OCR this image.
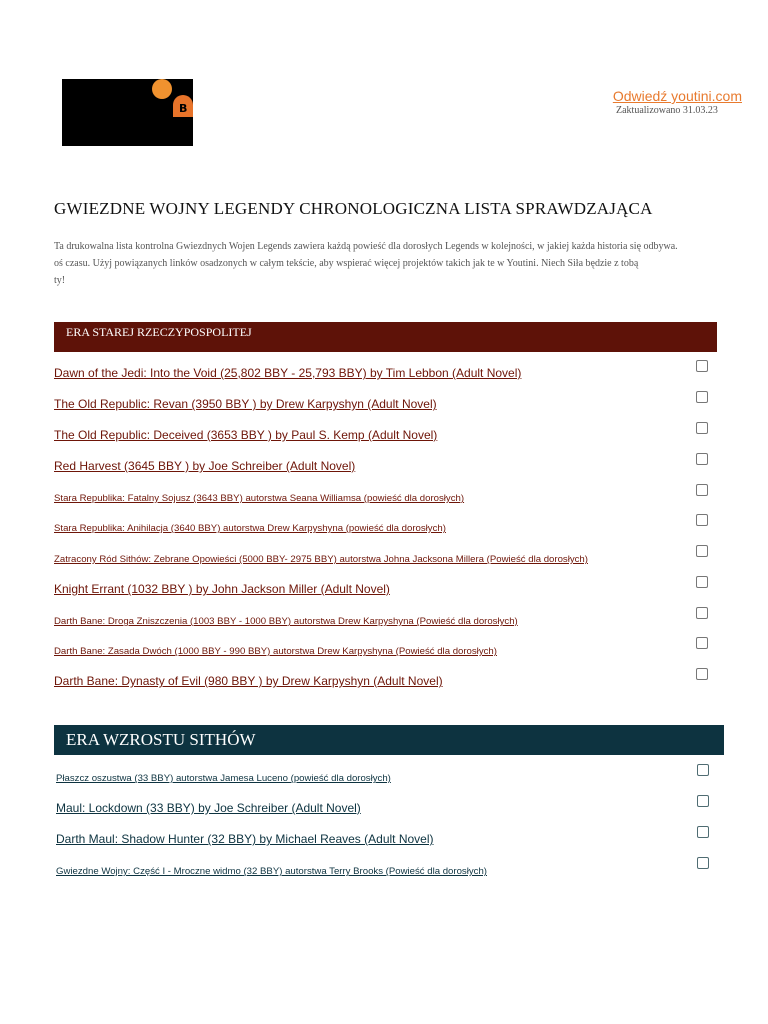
B
Odwiedź youtini.com
Zaktualizowano 31.03.23
GWIEZDNE WOJNY LEGENDY CHRONOLOGICZNA LISTA SPRAWDZAJĄCA
Ta drukowalna lista kontrolna Gwiezdnych Wojen Legends zawiera każdą powieść dla dorosłych Legends w kolejności, w jakiej każda historia się odbywa.
oś czasu. Użyj powiązanych linków osadzonych w całym tekście, aby wspierać więcej projektów takich jak te w Youtini. Niech Siła będzie z tobą
ty!
ERA STAREJ RZECZYPOSPOLITEJ
Dawn of the Jedi: Into the Void (25,802 BBY - 25,793 BBY) by Tim Lebbon (Adult Novel)
The Old Republic: Revan (3950 BBY ) by Drew Karpyshyn (Adult Novel)
The Old Republic: Deceived (3653 BBY ) by Paul S. Kemp (Adult Novel)
Red Harvest (3645 BBY ) by Joe Schreiber (Adult Novel)
Stara Republika: Fatalny Sojusz (3643 BBY) autorstwa Seana Williamsa (powieść dla dorosłych)
Stara Republika: Anihilacja (3640 BBY) autorstwa Drew Karpyshyna (powieść dla dorosłych)
Zatracony Ród Sithów: Zebrane Opowieści (5000 BBY- 2975 BBY) autorstwa Johna Jacksona Millera (Powieść dla dorosłych)
Knight Errant (1032 BBY ) by John Jackson Miller (Adult Novel)
Darth Bane: Droga Zniszczenia (1003 BBY - 1000 BBY) autorstwa Drew Karpyshyna (Powieść dla dorosłych)
Darth Bane: Zasada Dwóch (1000 BBY - 990 BBY) autorstwa Drew Karpyshyna (Powieść dla dorosłych)
Darth Bane: Dynasty of Evil (980 BBY ) by Drew Karpyshyn (Adult Novel)
ERA WZROSTU SITHÓW
Płaszcz oszustwa (33 BBY) autorstwa Jamesa Luceno (powieść dla dorosłych)
Maul: Lockdown (33 BBY) by Joe Schreiber (Adult Novel)
Darth Maul: Shadow Hunter (32 BBY) by Michael Reaves (Adult Novel)
Gwiezdne Wojny: Część I - Mroczne widmo (32 BBY) autorstwa Terry Brooks (Powieść dla dorosłych)
